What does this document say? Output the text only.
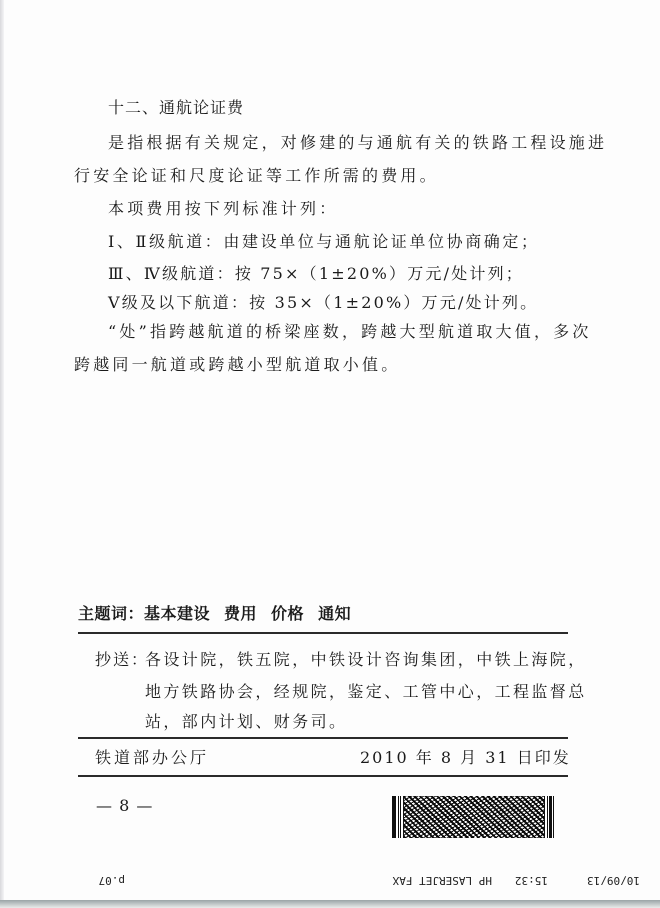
十二、通航论证费
是指根据有关规定，对修建的与通航有关的铁路工程设施进
行安全论证和尺度论证等工作所需的费用。
本项费用按下列标准计列：
Ⅰ、Ⅱ级航道：由建设单位与通航论证单位协商确定；
Ⅲ、Ⅳ级航道：按 75×（1±20%）万元/处计列；
Ⅴ级及以下航道：按 35×（1±20%）万元/处计列。
“处”指跨越航道的桥梁座数，跨越大型航道取大值，多次
跨越同一航道或跨越小型航道取小值。
主题词：基本建设 费用 价格 通知
抄送：
各设计院，铁五院，中铁设计咨询集团，中铁上海院，
地方铁路协会，经规院，鉴定、工管中心，工程监督总
站，部内计划、财务司。
铁道部办公厅	2010 年 8 月 31 日印发
— 8 —
10/09/13
15:32
HP LASERJET FAX
p.07
